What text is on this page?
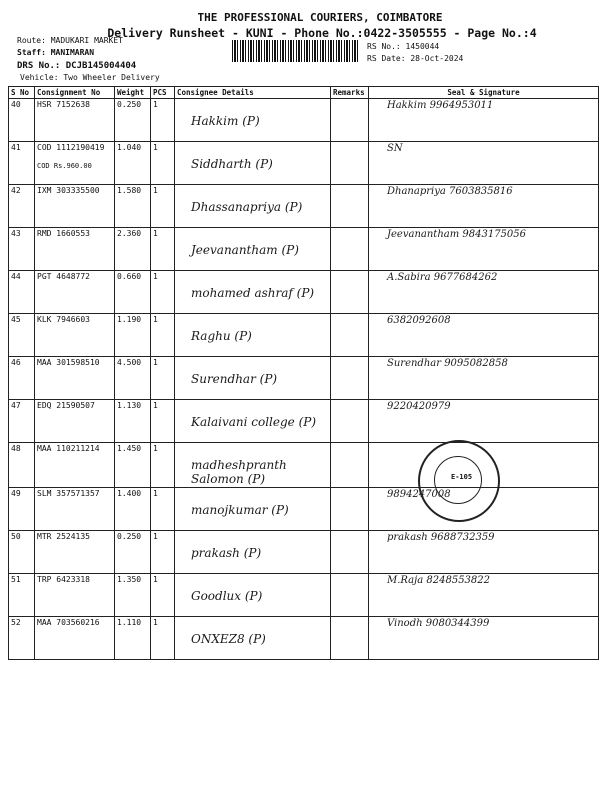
THE PROFESSIONAL COURIERS, COIMBATORE
Delivery Runsheet - KUNI - Phone No.:0422-3505555 - Page No.:4
Route: MADUKARI MARKET
Staff: MANIMARAN
DRS No.: DCJB145004404
Vehicle: Two Wheeler Delivery
RS No.: 1450044
RS Date: 28-Oct-2024
S No	Consignment No	Weight	PCS	Consignee Details	Remarks	Seal & Signature
40	HSR 7152638	0.250	1	Hakkim (P)		Hakkim 9964953011

41	COD 1112190419
COD Rs.960.00	1.040	1	Siddharth (P)		SN

42	IXM 303335500	1.580	1	Dhassanapriya (P)		Dhanapriya 7603835816

43	RMD 1660553	2.360	1	Jeevanantham (P)		Jeevanantham 9843175056

44	PGT 4648772	0.660	1	mohamed ashraf (P)		A.Sabira 9677684262

45	KLK 7946603	1.190	1	Raghu (P)		6382092608

46	MAA 301598510	4.500	1	Surendhar (P)		Surendhar 9095082858

47	EDQ 21590507	1.130	1	Kalaivani college (P)		9220420979

48	MAA 110211214	1.450	1	madheshpranth Salomon (P)		

49	SLM 357571357	1.400	1	manojkumar (P)		9894247008

50	MTR 2524135	0.250	1	prakash (P)		prakash 9688732359

51	TRP 6423318	1.350	1	Goodlux (P)		M.Raja 8248553822

52	MAA 703560216	1.110	1	ONXEZ8 (P)		Vinodh 9080344399
E-105
